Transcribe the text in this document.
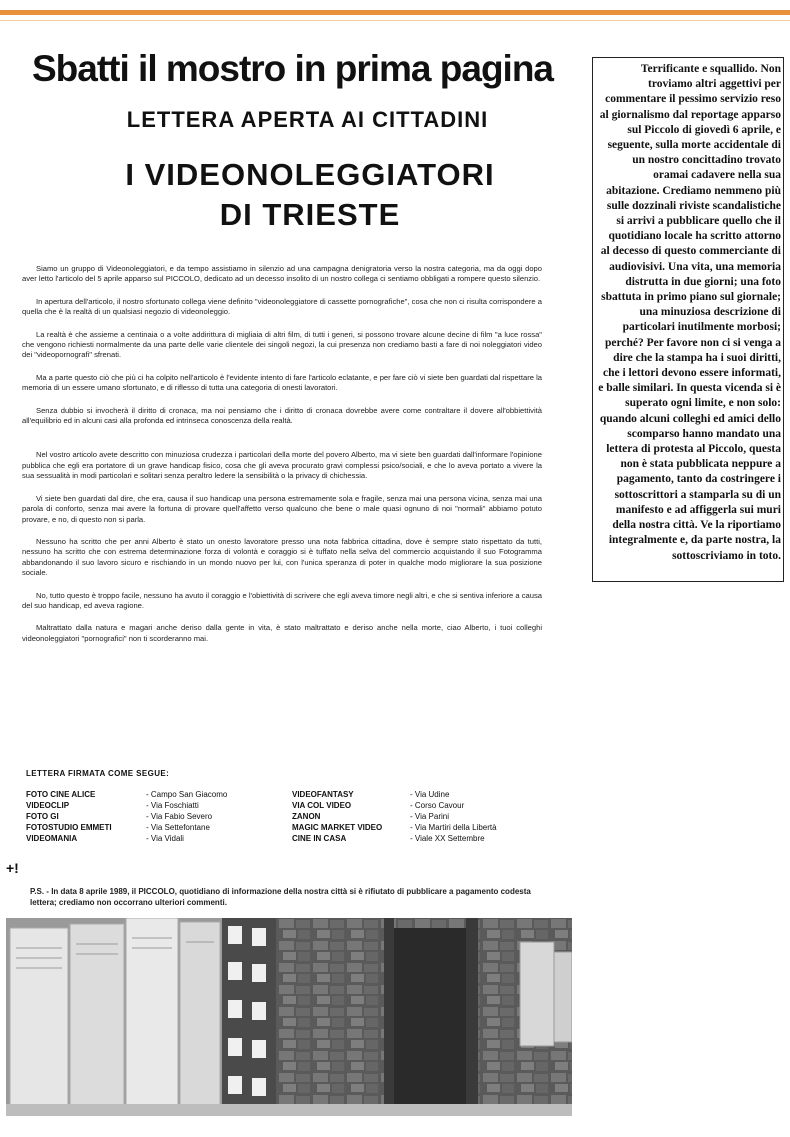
Sbatti il mostro in prima pagina
LETTERA APERTA AI CITTADINI
I VIDEONOLEGGIATORI
DI TRIESTE
Terrificante e squallido. Non troviamo altri aggettivi per commentare il pessimo servizio reso al giornalismo dal reportage apparso sul Piccolo di giovedì 6 aprile, e seguente, sulla morte accidentale di un nostro concittadino trovato oramai cadavere nella sua abitazione. Crediamo nemmeno più sulle dozzinali riviste scandalistiche si arrivi a pubblicare quello che il quotidiano locale ha scritto attorno al decesso di questo commerciante di audiovisivi. Una vita, una memoria distrutta in due giorni; una foto sbattuta in primo piano sul giornale; una minuziosa descrizione di particolari inutilmente morbosi; perché? Per favore non ci si venga a dire che la stampa ha i suoi diritti, che i lettori devono essere informati, e balle similari. In questa vicenda si è superato ogni limite, e non solo: quando alcuni colleghi ed amici dello scomparso hanno mandato una lettera di protesta al Piccolo, questa non è stata pubblicata neppure a pagamento, tanto da costringere i sottoscrittori a stamparla su di un manifesto e ad affiggerla sui muri della nostra città. Ve la riportiamo integralmente e, da parte nostra, la sottoscriviamo in toto.

Siamo un gruppo di Videonoleggiatori, e da tempo assistiamo in silenzio ad una campagna denigratoria verso la nostra categoria, ma da oggi dopo aver letto l'articolo del 5 aprile apparso sul PICCOLO, dedicato ad un decesso insolito di un nostro collega ci sentiamo obbligati a rompere questo silenzio.

In apertura dell'articolo, il nostro sfortunato collega viene definito "videonoleggiatore di cassette pornografiche", cosa che non ci risulta corrispondere a quella che è la realtà di un qualsiasi negozio di videonoleggio.

La realtà è che assieme a centinaia o a volte addirittura di migliaia di altri film, di tutti i generi, si possono trovare alcune decine di film "a luce rossa" che vengono richiesti normalmente da una parte delle varie clientele dei singoli negozi, la cui presenza non crediamo basti a fare di noi noleggiatori video dei "videopornografi" sfrenati.

Ma a parte questo ciò che più ci ha colpito nell'articolo è l'evidente intento di fare l'articolo eclatante, e per fare ciò vi siete ben guardati dal rispettare la memoria di un essere umano sfortunato, e di riflesso di tutta una categoria di onesti lavoratori.

Senza dubbio si invocherà il diritto di cronaca, ma noi pensiamo che i diritto di cronaca dovrebbe avere come contraltare il dovere all'obbiettività all'equilibrio ed in alcuni casi alla profonda ed intrinseca conoscenza della realtà.

Nel vostro articolo avete descritto con minuziosa crudezza i particolari della morte del povero Alberto, ma vi siete ben guardati dall'informare l'opinione pubblica che egli era portatore di un grave handicap fisico, cosa che gli aveva procurato gravi complessi psico/sociali, e che lo aveva portato a vivere la sua sessualità in modi particolari e solitari senza peraltro ledere la sensibilità o la privacy di chichessia.

Vi siete ben guardati dal dire, che era, causa il suo handicap una persona estremamente sola e fragile, senza mai una persona vicina, senza mai una parola di conforto, senza mai avere la fortuna di provare quell'affetto verso qualcuno che bene o male quasi ognuno di noi "normali" abbiamo potuto provare, e no, di questo non si parla.

Nessuno ha scritto che per anni Alberto è stato un onesto lavoratore presso una nota fabbrica cittadina, dove è sempre stato rispettato da tutti, nessuno ha scritto che con estrema determinazione forza di volontà e coraggio si è tuffato nella selva del commercio acquistando il suo Fotogramma abbandonando il suo lavoro sicuro e rischiando in un mondo nuovo per lui, con l'unica speranza di poter in qualche modo migliorare la sua posizione sociale.

No, tutto questo è troppo facile, nessuno ha avuto il coraggio e l'obiettività di scrivere che egli aveva timore negli altri, e che si sentiva inferiore a causa del suo handicap, ed aveva ragione.

Maltrattato dalla natura e magari anche deriso dalla gente in vita, è stato maltrattato e deriso anche nella morte, ciao Alberto, i tuoi colleghi videonoleggiatori "pornografici" non ti scorderanno mai.

LETTERA FIRMATA COME SEGUE:
FOTO CINE ALICE
VIDEOCLIP
FOTO GI
FOTOSTUDIO EMMETI
VIDEOMANIA
- Campo San Giacomo
- Via Foschiatti
- Via Fabio Severo
- Via Settefontane
- Via Vidali
VIDEOFANTASY
VIA COL VIDEO
ZANON
MAGIC MARKET VIDEO
CINE IN CASA
- Via Udine
- Corso Cavour
- Via Parini
- Via Martiri della Libertà
- Viale XX Settembre
+!
P.S. - In data 8 aprile 1989, il PICCOLO, quotidiano di informazione della nostra città si è rifiutato di pubblicare a pagamento codesta lettera; crediamo non occorrano ulteriori commenti.
